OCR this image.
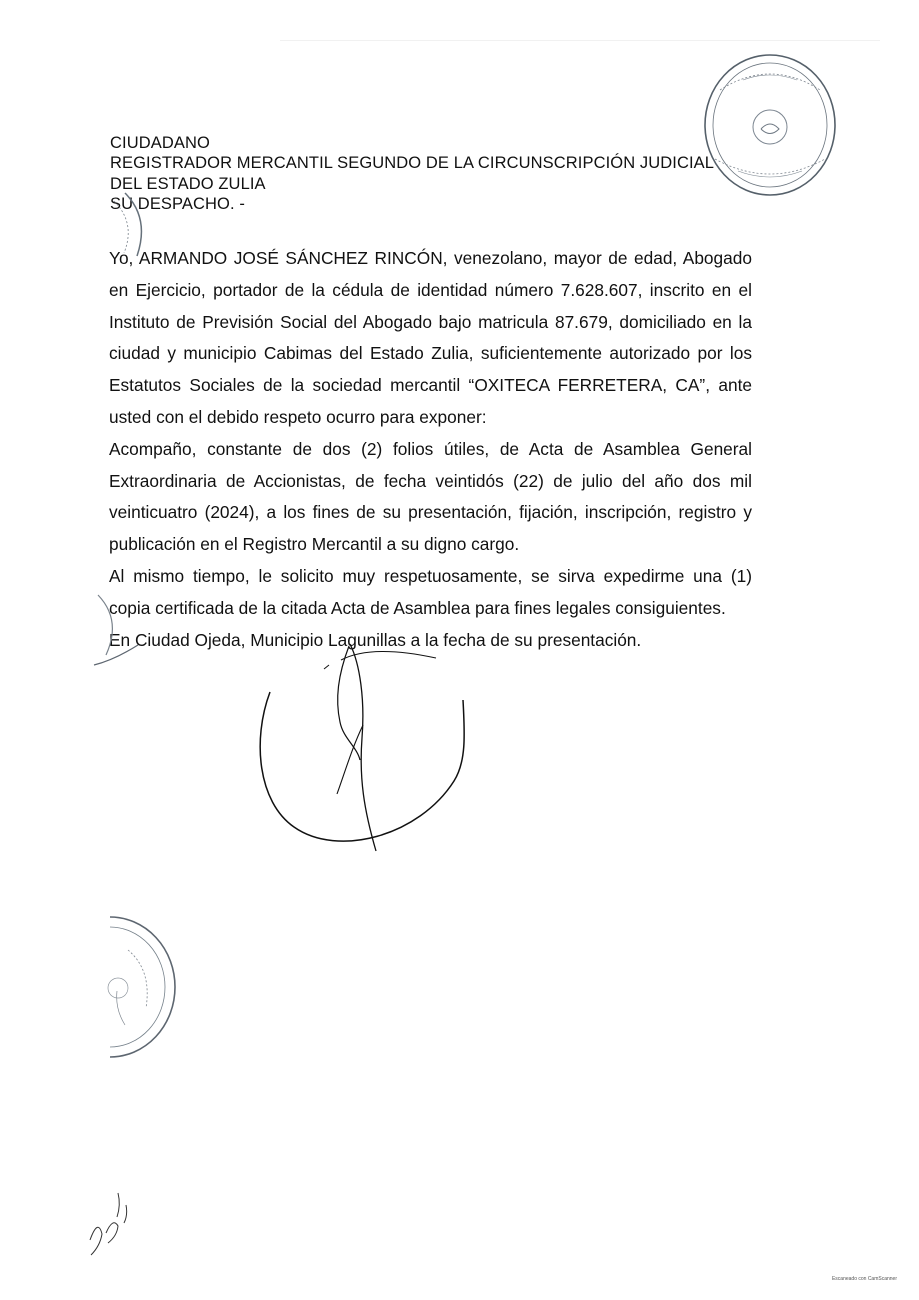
CIUDADANO
REGISTRADOR MERCANTIL SEGUNDO DE LA CIRCUNSCRIPCIÓN JUDICIAL
DEL ESTADO ZULIA
SU DESPACHO. -

Yo, ARMANDO JOSÉ SÁNCHEZ RINCÓN, venezolano, mayor de edad, Abogado en Ejercicio, portador de la cédula de identidad número 7.628.607, inscrito en el Instituto de Previsión Social del Abogado bajo matricula 87.679, domiciliado en la ciudad y municipio Cabimas del Estado Zulia, suficientemente autorizado por los Estatutos Sociales de la sociedad mercantil “OXITECA FERRETERA, CA”, ante usted con el debido respeto ocurro para exponer:

Acompaño, constante de dos (2) folios útiles, de Acta de Asamblea General Extraordinaria de Accionistas, de fecha veintidós (22) de julio del año dos mil veinticuatro (2024), a los fines de su presentación, fijación, inscripción, registro y publicación en el Registro Mercantil a su digno cargo.

Al mismo tiempo, le solicito muy respetuosamente, se sirva expedirme una (1) copia certificada de la citada Acta de Asamblea para fines legales consiguientes.

En Ciudad Ojeda, Municipio Lagunillas a la fecha de su presentación.

Escaneado con CamScanner
